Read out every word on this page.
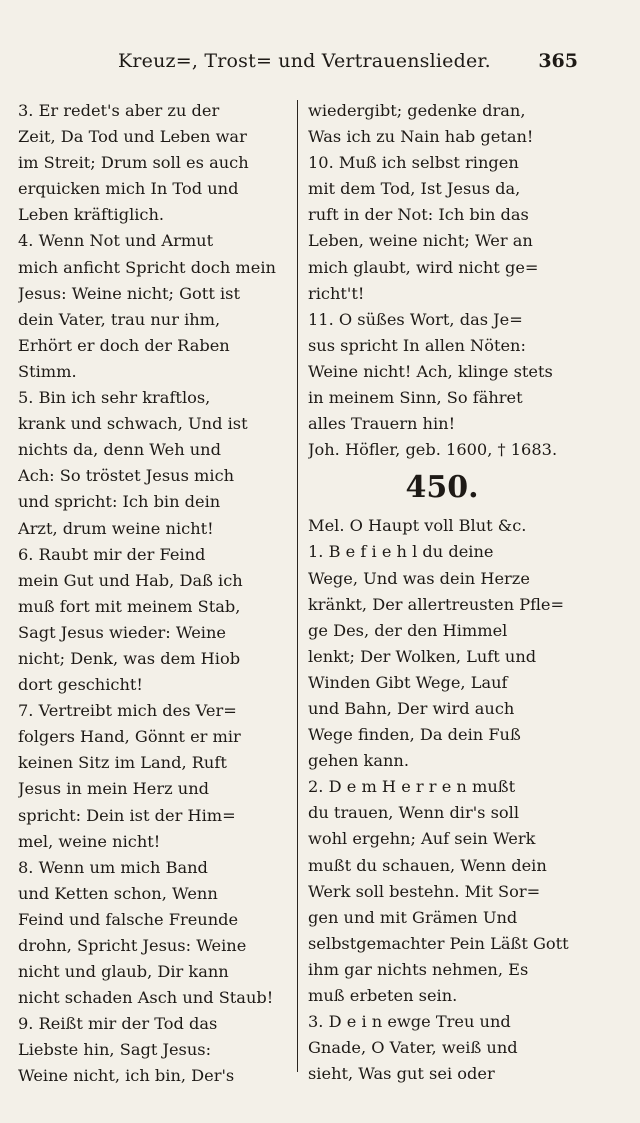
Kreuz=, Trost= und Vertrauenslieder. 365
3. Er redet's aber zu der
Zeit, Da Tod und Leben war
im Streit; Drum soll es auch
erquicken mich In Tod und
Leben kräftiglich.
4. Wenn Not und Armut
mich anficht Spricht doch mein
Jesus: Weine nicht; Gott ist
dein Vater, trau nur ihm,
Erhört er doch der Raben
Stimm.
5. Bin ich sehr kraftlos,
krank und schwach, Und ist
nichts da, denn Weh und
Ach: So tröstet Jesus mich
und spricht: Ich bin dein
Arzt, drum weine nicht!
6. Raubt mir der Feind
mein Gut und Hab, Daß ich
muß fort mit meinem Stab,
Sagt Jesus wieder: Weine
nicht; Denk, was dem Hiob
dort geschicht!
7. Vertreibt mich des Ver=
folgers Hand, Gönnt er mir
keinen Sitz im Land, Ruft
Jesus in mein Herz und
spricht: Dein ist der Him=
mel, weine nicht!
8. Wenn um mich Band
und Ketten schon, Wenn
Feind und falsche Freunde
drohn, Spricht Jesus: Weine
nicht und glaub, Dir kann
nicht schaden Asch und Staub!
9. Reißt mir der Tod das
Liebste hin, Sagt Jesus:
Weine nicht, ich bin, Der's
wiedergibt; gedenke dran,
Was ich zu Nain hab getan!
10. Muß ich selbst ringen
mit dem Tod, Ist Jesus da,
ruft in der Not: Ich bin das
Leben, weine nicht; Wer an
mich glaubt, wird nicht ge=
richt't!
11. O süßes Wort, das Je=
sus spricht In allen Nöten:
Weine nicht! Ach, klinge stets
in meinem Sinn, So fähret
alles Trauern hin!
Joh. Höfler, geb. 1600, † 1683.
450.
Mel. O Haupt voll Blut &c.
1. B e f i e h l du deine
Wege, Und was dein Herze
kränkt, Der allertreusten Pfle=
ge Des, der den Himmel
lenkt; Der Wolken, Luft und
Winden Gibt Wege, Lauf
und Bahn, Der wird auch
Wege finden, Da dein Fuß
gehen kann.
2. D e m H e r r e n mußt
du trauen, Wenn dir's soll
wohl ergehn; Auf sein Werk
mußt du schauen, Wenn dein
Werk soll bestehn. Mit Sor=
gen und mit Grämen Und
selbstgemachter Pein Läßt Gott
ihm gar nichts nehmen, Es
muß erbeten sein.
3. D e i n ewge Treu und
Gnade, O Vater, weiß und
sieht, Was gut sei oder
